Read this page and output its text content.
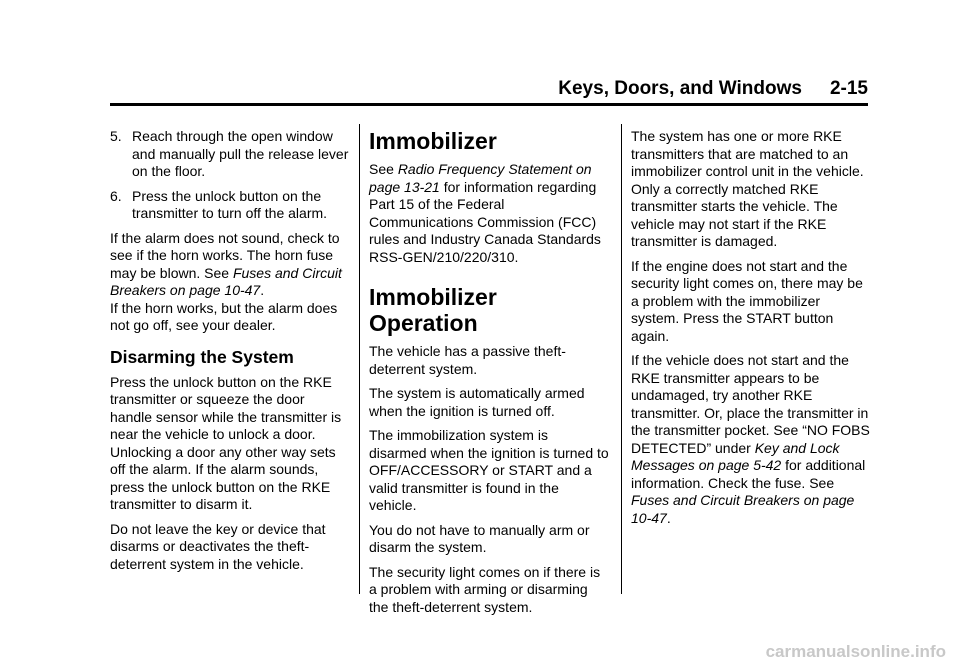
Keys, Doors, and Windows 2-15
5. Reach through the open window and manually pull the release lever on the floor.
6. Press the unlock button on the transmitter to turn off the alarm.

If the alarm does not sound, check to see if the horn works. The horn fuse may be blown. See Fuses and Circuit Breakers on page 10-47.
If the horn works, but the alarm does not go off, see your dealer.

Disarming the System

Press the unlock button on the RKE transmitter or squeeze the door handle sensor while the transmitter is near the vehicle to unlock a door. Unlocking a door any other way sets off the alarm. If the alarm sounds, press the unlock button on the RKE transmitter to disarm it.

Do not leave the key or device that disarms or deactivates the theft-deterrent system in the vehicle.

Immobilizer

See Radio Frequency Statement on page 13-21 for information regarding Part 15 of the Federal Communications Commission (FCC) rules and Industry Canada Standards RSS-GEN/210/220/310.

Immobilizer Operation

The vehicle has a passive theft-deterrent system.

The system is automatically armed when the ignition is turned off.

The immobilization system is disarmed when the ignition is turned to OFF/ACCESSORY or START and a valid transmitter is found in the vehicle.

You do not have to manually arm or disarm the system.

The security light comes on if there is a problem with arming or disarming the theft-deterrent system.

The system has one or more RKE transmitters that are matched to an immobilizer control unit in the vehicle. Only a correctly matched RKE transmitter starts the vehicle. The vehicle may not start if the RKE transmitter is damaged.

If the engine does not start and the security light comes on, there may be a problem with the immobilizer system. Press the START button again.

If the vehicle does not start and the RKE transmitter appears to be undamaged, try another RKE transmitter. Or, place the transmitter in the transmitter pocket. See “NO FOBS DETECTED” under Key and Lock Messages on page 5-42 for additional information. Check the fuse. See Fuses and Circuit Breakers on page 10-47.

carmanualsonline.info
